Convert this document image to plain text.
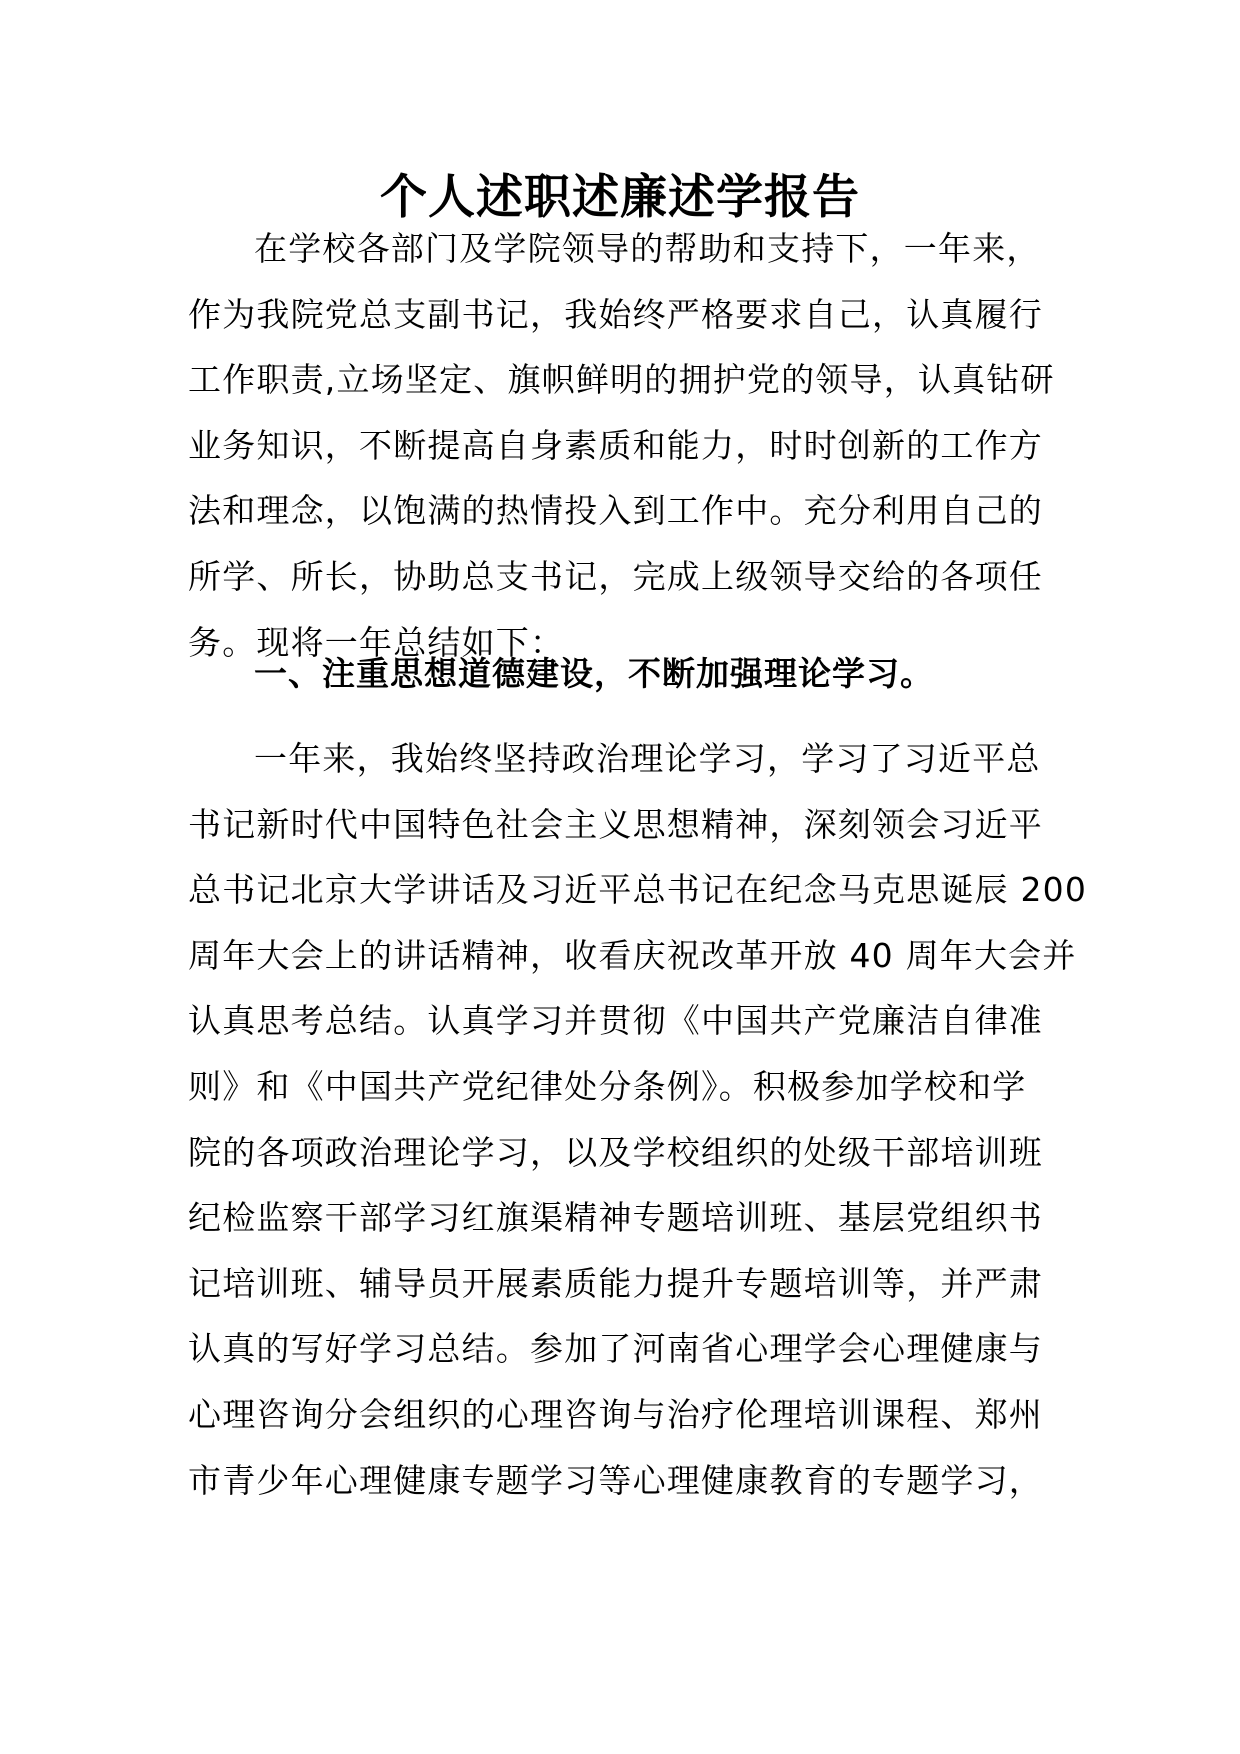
个人述职述廉述学报告
在学校各部门及学院领导的帮助和支持下，一年来，
作为我院党总支副书记，我始终严格要求自己，认真履行
工作职责,立场坚定、旗帜鲜明的拥护党的领导，认真钻研
业务知识，不断提高自身素质和能力，时时创新的工作方
法和理念，以饱满的热情投入到工作中。充分利用自己的
所学、所长，协助总支书记，完成上级领导交给的各项任
务。现将一年总结如下：
一、注重思想道德建设，不断加强理论学习。
一年来，我始终坚持政治理论学习，学习了习近平总
书记新时代中国特色社会主义思想精神，深刻领会习近平
总书记北京大学讲话及习近平总书记在纪念马克思诞辰 200
周年大会上的讲话精神，收看庆祝改革开放 40 周年大会并
认真思考总结。认真学习并贯彻《中国共产党廉洁自律准
则》和《中国共产党纪律处分条例》。积极参加学校和学
院的各项政治理论学习，以及学校组织的处级干部培训班
纪检监察干部学习红旗渠精神专题培训班、基层党组织书
记培训班、辅导员开展素质能力提升专题培训等，并严肃
认真的写好学习总结。参加了河南省心理学会心理健康与
心理咨询分会组织的心理咨询与治疗伦理培训课程、郑州
市青少年心理健康专题学习等心理健康教育的专题学习，
